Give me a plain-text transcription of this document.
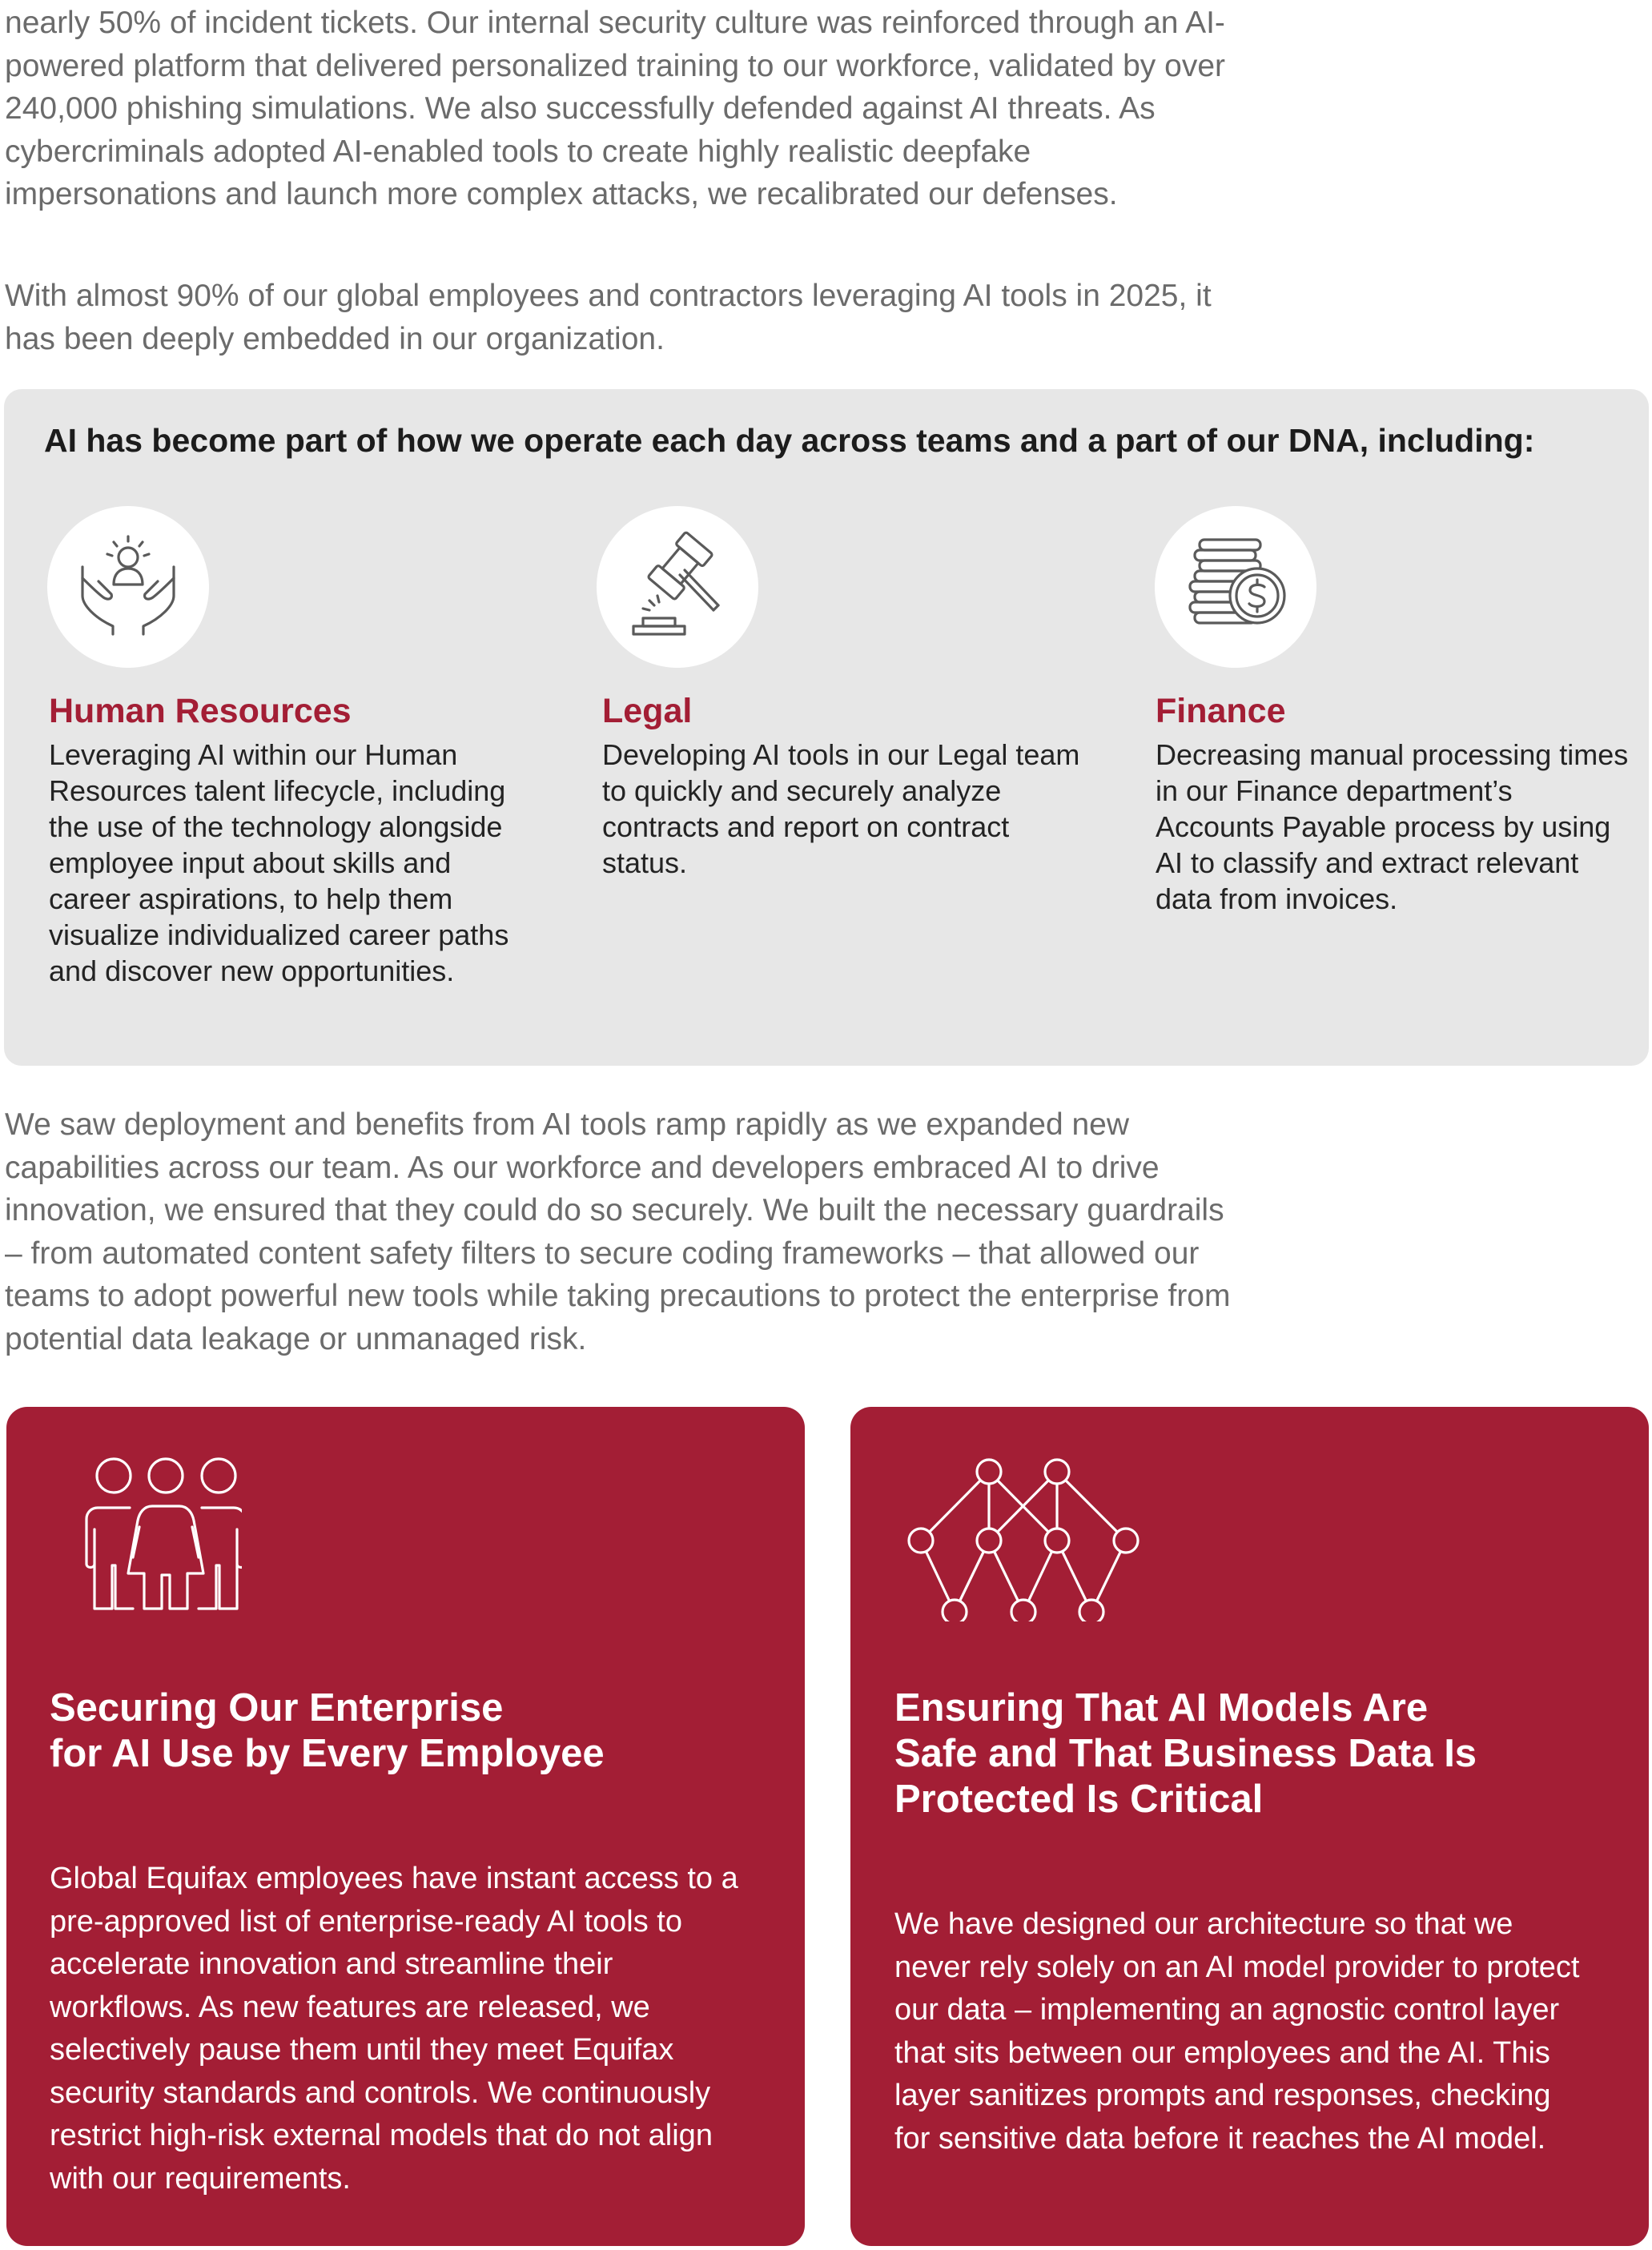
nearly 50% of incident tickets. Our internal security culture was reinforced through an AI-powered platform that delivered personalized training to our workforce, validated by over 240,000 phishing simulations. We also successfully defended against AI threats. As cybercriminals adopted AI-enabled tools to create highly realistic deepfake impersonations and launch more complex attacks, we recalibrated our defenses.

With almost 90% of our global employees and contractors leveraging AI tools in 2025, it has been deeply embedded in our organization.

AI has become part of how we operate each day across teams and a part of our DNA, including:
Human Resources

Leveraging AI within our Human Resources talent lifecycle, including the use of the technology alongside employee input about skills and career aspirations, to help them visualize individualized career paths and discover new opportunities.

Legal

Developing AI tools in our Legal team to quickly and securely analyze contracts and report on contract status.

Finance

Decreasing manual processing times in our Finance department’s Accounts Payable process by using AI to classify and extract relevant data from invoices.

We saw deployment and benefits from AI tools ramp rapidly as we expanded new capabilities across our team. As our workforce and developers embraced AI to drive innovation, we ensured that they could do so securely. We built the necessary guardrails – from automated content safety filters to secure coding frameworks – that allowed our teams to adopt powerful new tools while taking precautions to protect the enterprise from potential data leakage or unmanaged risk.

Securing Our Enterprise
for AI Use by Every Employee

Global Equifax employees have instant access to a pre-approved list of enterprise-ready AI tools to accelerate innovation and streamline their workflows. As new features are released, we selectively pause them until they meet Equifax security standards and controls. We continuously restrict high-risk external models that do not align with our requirements.

Ensuring That AI Models Are
Safe and That Business Data Is
Protected Is Critical

We have designed our architecture so that we never rely solely on an AI model provider to protect our data – implementing an agnostic control layer that sits between our employees and the AI. This layer sanitizes prompts and responses, checking for sensitive data before it reaches the AI model.
